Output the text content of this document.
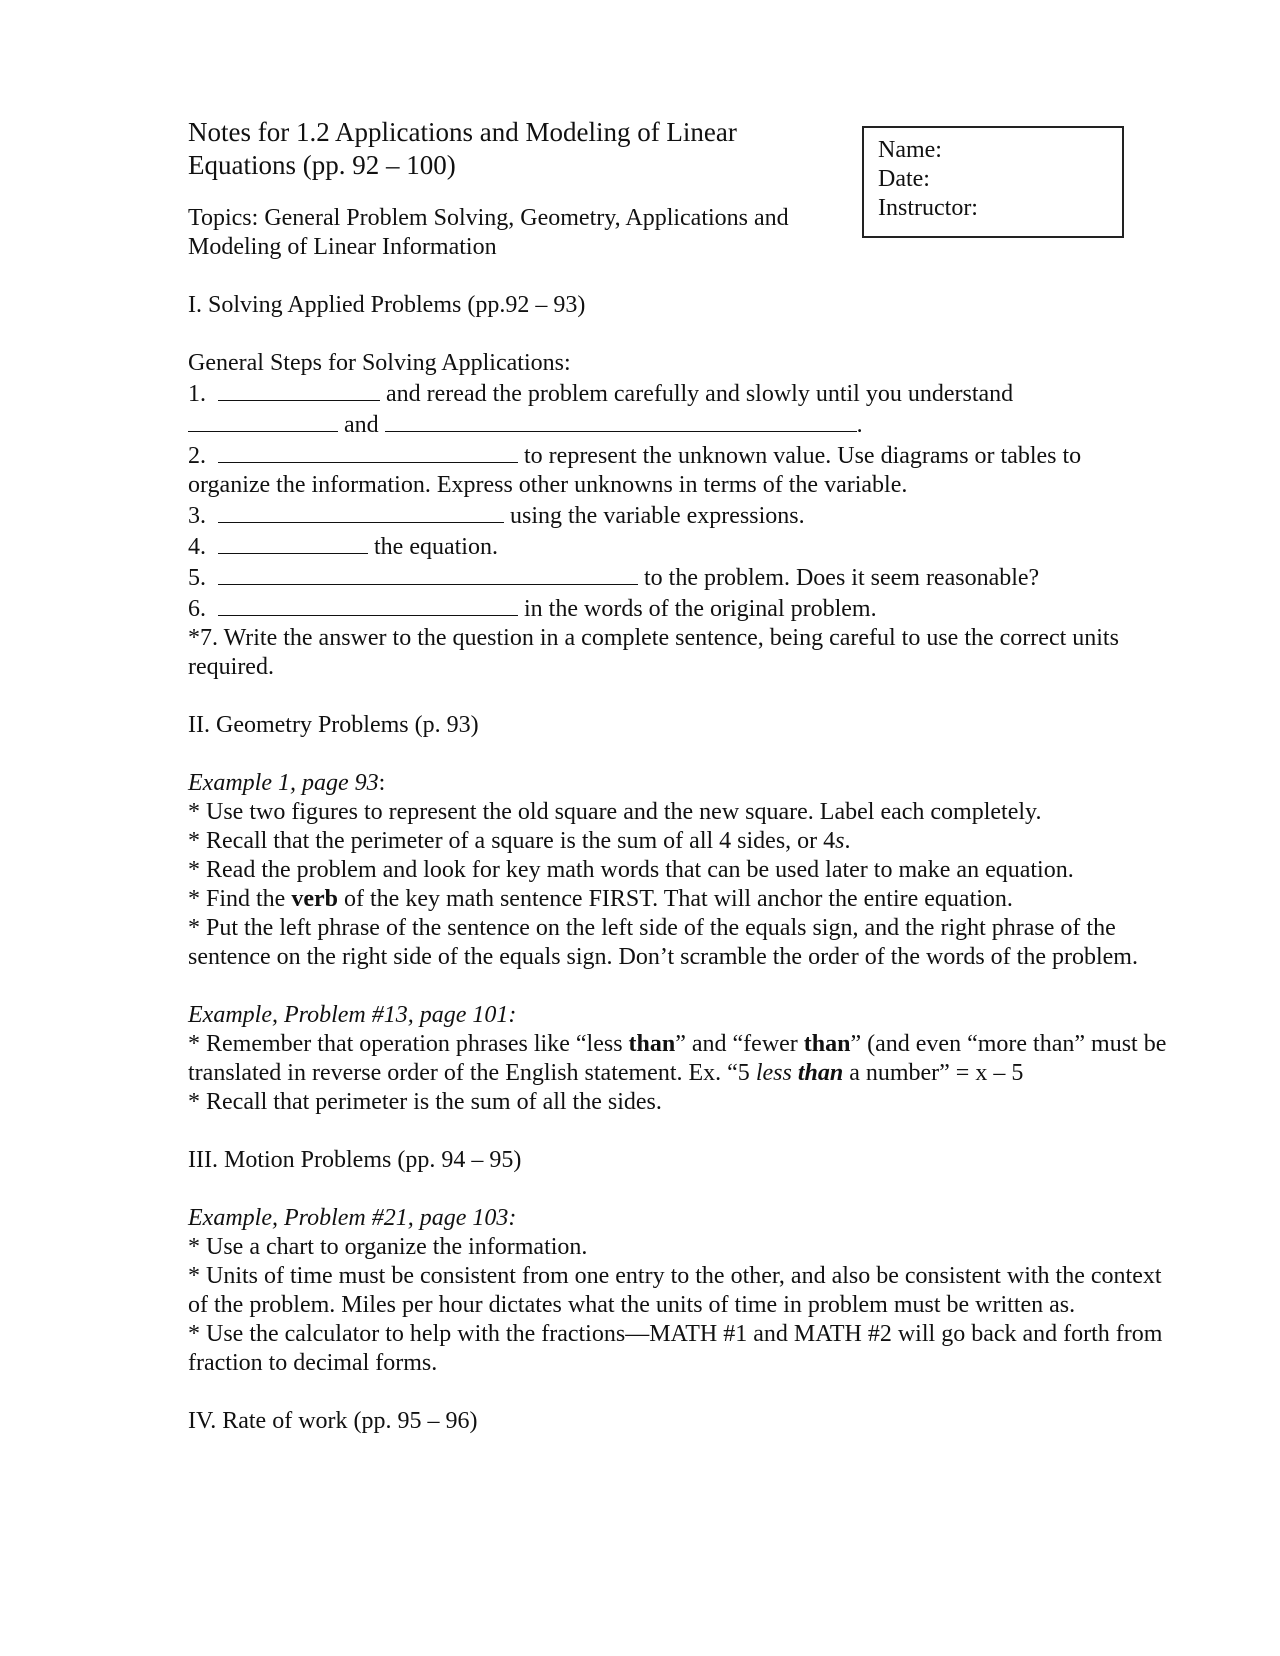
Name:
Date:
Instructor:
Notes for 1.2 Applications and Modeling of Linear Equations (pp. 92 – 100)

Topics: General Problem Solving, Geometry, Applications and Modeling of Linear Information

I. Solving Applied Problems (pp.92 – 93)

General Steps for Solving Applications:

1.	and reread the problem carefully and slowly until you understand
and	.
2.	to represent the unknown value. Use diagrams or tables to
organize the information. Express other unknowns in terms of the variable.
3.	using the variable expressions.
4.	the equation.
5.	to the problem. Does it seem reasonable?
6.	in the words of the original problem.

*7. Write the answer to the question in a complete sentence, being careful to use the correct units required.

II. Geometry Problems (p. 93)

Example 1, page 93:

* Use two figures to represent the old square and the new square. Label each completely.

* Recall that the perimeter of a square is the sum of all 4 sides, or 4s.

* Read the problem and look for key math words that can be used later to make an equation.

* Find the verb of the key math sentence FIRST. That will anchor the entire equation.

* Put the left phrase of the sentence on the left side of the equals sign, and the right phrase of the sentence on the right side of the equals sign. Don’t scramble the order of the words of the problem.

Example, Problem #13, page 101:

* Remember that operation phrases like “less than” and “fewer than” (and even “more than” must be translated in reverse order of the English statement. Ex. “5 less than a number” = x – 5

* Recall that perimeter is the sum of all the sides.

III. Motion Problems (pp. 94 – 95)

Example, Problem #21, page 103:

* Use a chart to organize the information.

* Units of time must be consistent from one entry to the other, and also be consistent with the context of the problem. Miles per hour dictates what the units of time in problem must be written as.

* Use the calculator to help with the fractions—MATH #1 and MATH #2 will go back and forth from fraction to decimal forms.

IV. Rate of work (pp. 95 – 96)
